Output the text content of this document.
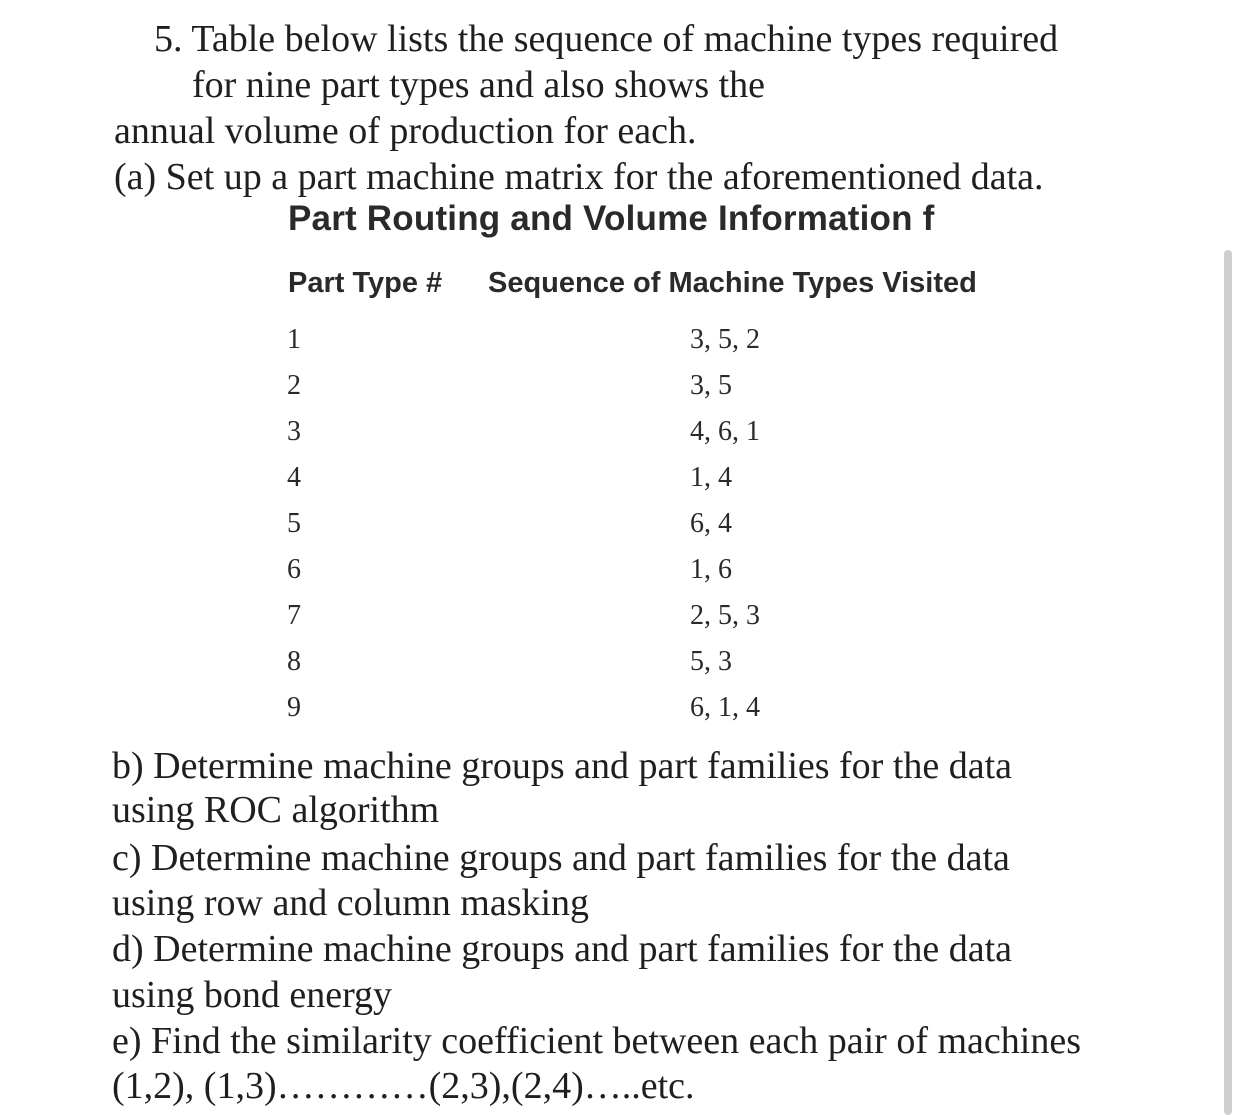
5. Table below lists the sequence of machine types required
for nine part types and also shows the
annual volume of production for each.
(a) Set up a part machine matrix for the aforementioned data.
Part Routing and Volume Information f
Part Type # Sequence of Machine Types Visited
1	3, 5, 2
2	3, 5
3	4, 6, 1
4	1, 4
5	6, 4
6	1, 6
7	2, 5, 3
8	5, 3
9	6, 1, 4
b) Determine machine groups and part families for the data
using ROC algorithm
c) Determine machine groups and part families for the data
using row and column masking
d) Determine machine groups and part families for the data
using bond energy
e) Find the similarity coefficient between each pair of machines
(1,2), (1,3)…………(2,3),(2,4)…..etc.
